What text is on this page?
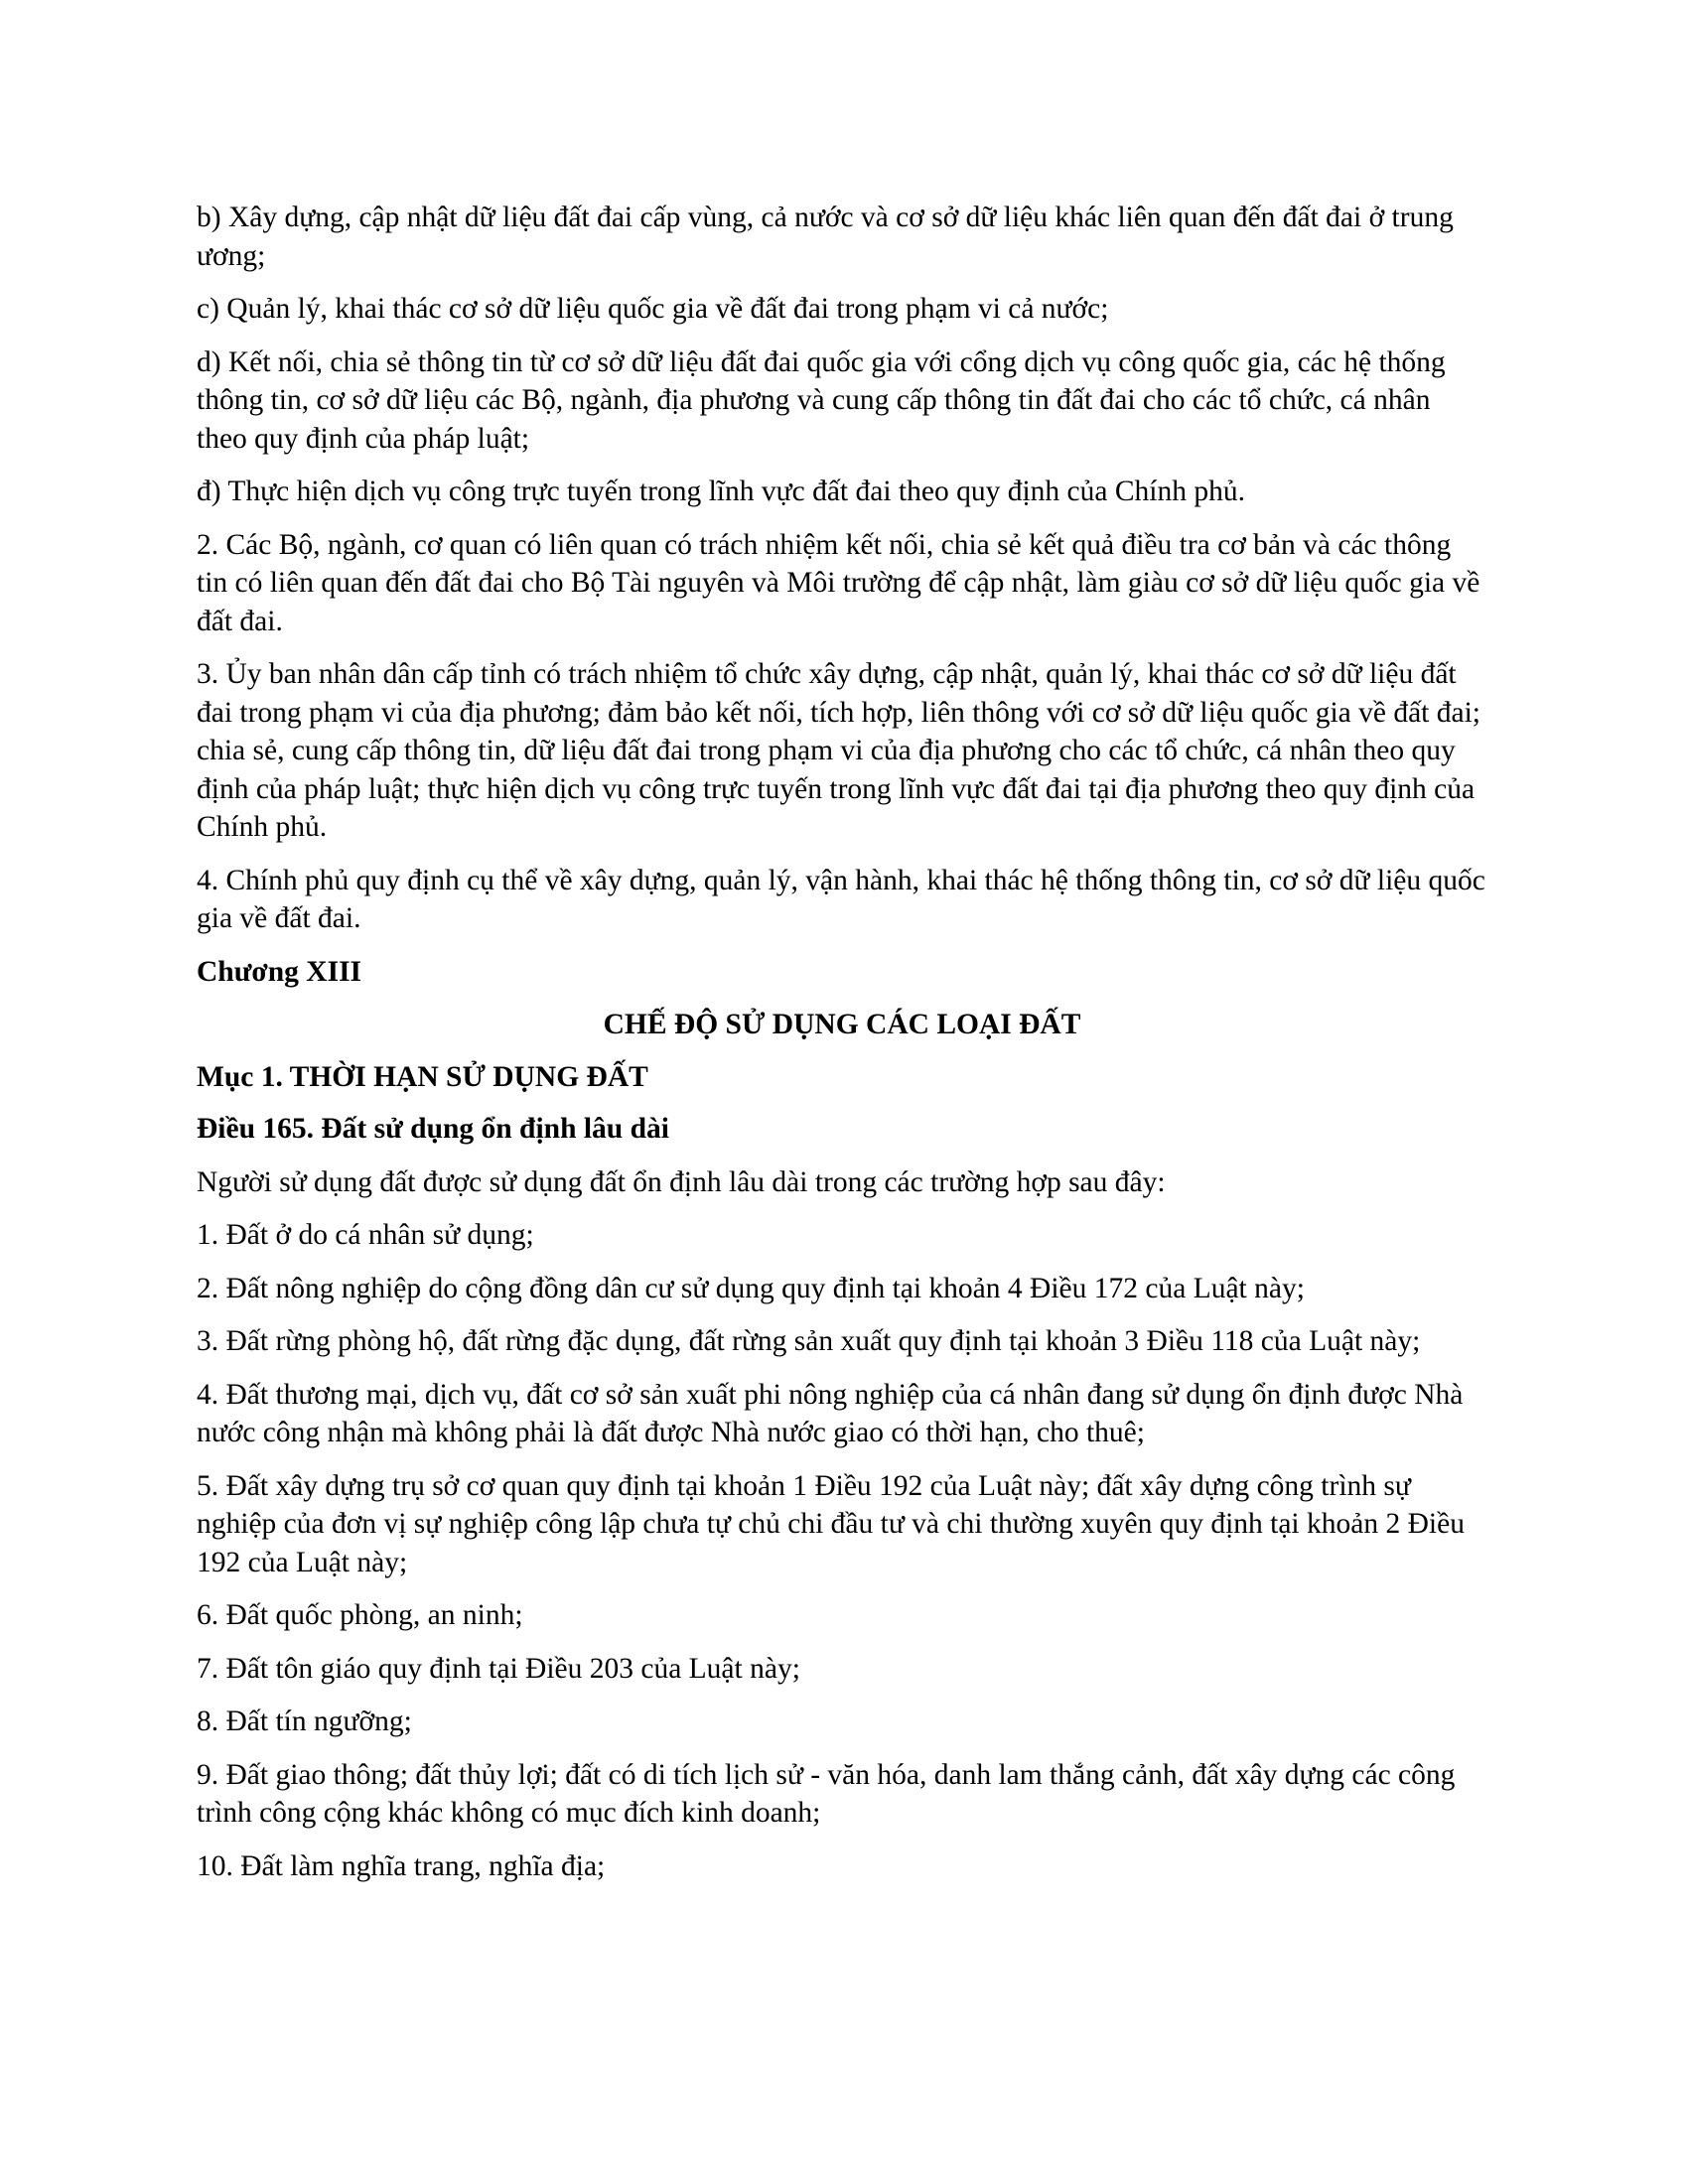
b) Xây dựng, cập nhật dữ liệu đất đai cấp vùng, cả nước và cơ sở dữ liệu khác liên quan đến đất đai ở trung ương;

c) Quản lý, khai thác cơ sở dữ liệu quốc gia về đất đai trong phạm vi cả nước;

d) Kết nối, chia sẻ thông tin từ cơ sở dữ liệu đất đai quốc gia với cổng dịch vụ công quốc gia, các hệ thống thông tin, cơ sở dữ liệu các Bộ, ngành, địa phương và cung cấp thông tin đất đai cho các tổ chức, cá nhân theo quy định của pháp luật;

đ) Thực hiện dịch vụ công trực tuyến trong lĩnh vực đất đai theo quy định của Chính phủ.

2. Các Bộ, ngành, cơ quan có liên quan có trách nhiệm kết nối, chia sẻ kết quả điều tra cơ bản và các thông tin có liên quan đến đất đai cho Bộ Tài nguyên và Môi trường để cập nhật, làm giàu cơ sở dữ liệu quốc gia về đất đai.

3. Ủy ban nhân dân cấp tỉnh có trách nhiệm tổ chức xây dựng, cập nhật, quản lý, khai thác cơ sở dữ liệu đất đai trong phạm vi của địa phương; đảm bảo kết nối, tích hợp, liên thông với cơ sở dữ liệu quốc gia về đất đai; chia sẻ, cung cấp thông tin, dữ liệu đất đai trong phạm vi của địa phương cho các tổ chức, cá nhân theo quy định của pháp luật; thực hiện dịch vụ công trực tuyến trong lĩnh vực đất đai tại địa phương theo quy định của Chính phủ.

4. Chính phủ quy định cụ thể về xây dựng, quản lý, vận hành, khai thác hệ thống thông tin, cơ sở dữ liệu quốc gia về đất đai.

Chương XIII

CHẾ ĐỘ SỬ DỤNG CÁC LOẠI ĐẤT

Mục 1. THỜI HẠN SỬ DỤNG ĐẤT

Điều 165. Đất sử dụng ổn định lâu dài

Người sử dụng đất được sử dụng đất ổn định lâu dài trong các trường hợp sau đây:

1. Đất ở do cá nhân sử dụng;

2. Đất nông nghiệp do cộng đồng dân cư sử dụng quy định tại khoản 4 Điều 172 của Luật này;

3. Đất rừng phòng hộ, đất rừng đặc dụng, đất rừng sản xuất quy định tại khoản 3 Điều 118 của Luật này;

4. Đất thương mại, dịch vụ, đất cơ sở sản xuất phi nông nghiệp của cá nhân đang sử dụng ổn định được Nhà nước công nhận mà không phải là đất được Nhà nước giao có thời hạn, cho thuê;

5. Đất xây dựng trụ sở cơ quan quy định tại khoản 1 Điều 192 của Luật này; đất xây dựng công trình sự nghiệp của đơn vị sự nghiệp công lập chưa tự chủ chi đầu tư và chi thường xuyên quy định tại khoản 2 Điều 192 của Luật này;

6. Đất quốc phòng, an ninh;

7. Đất tôn giáo quy định tại Điều 203 của Luật này;

8. Đất tín ngưỡng;

9. Đất giao thông; đất thủy lợi; đất có di tích lịch sử - văn hóa, danh lam thắng cảnh, đất xây dựng các công trình công cộng khác không có mục đích kinh doanh;

10. Đất làm nghĩa trang, nghĩa địa;
